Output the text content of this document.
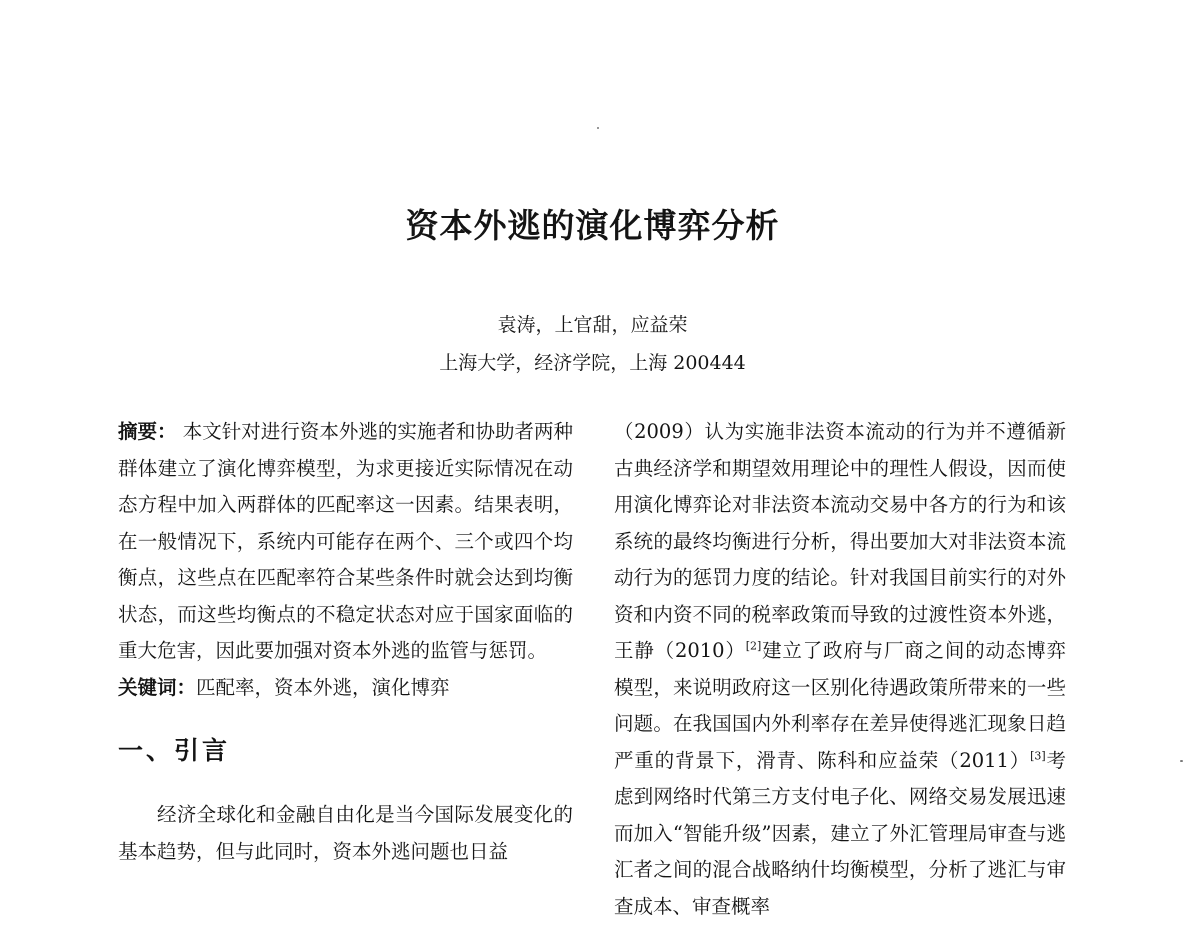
资本外逃的演化博弈分析
袁涛，上官甜，应益荣
上海大学，经济学院，上海 200444

摘要： 本文针对进行资本外逃的实施者和协助者两种群体建立了演化博弈模型，为求更接近实际情况在动态方程中加入两群体的匹配率这一因素。结果表明，在一般情况下，系统内可能存在两个、三个或四个均衡点，这些点在匹配率符合某些条件时就会达到均衡状态，而这些均衡点的不稳定状态对应于国家面临的重大危害，因此要加强对资本外逃的监管与惩罚。

关键词：匹配率，资本外逃，演化博弈

一、引言

经济全球化和金融自由化是当今国际发展变化的基本趋势，但与此同时，资本外逃问题也日益

（2009）认为实施非法资本流动的行为并不遵循新古典经济学和期望效用理论中的理性人假设，因而使用演化博弈论对非法资本流动交易中各方的行为和该系统的最终均衡进行分析，得出要加大对非法资本流动行为的惩罚力度的结论。针对我国目前实行的对外资和内资不同的税率政策而导致的过渡性资本外逃，王静（2010）[2]建立了政府与厂商之间的动态博弈模型，来说明政府这一区别化待遇政策所带来的一些问题。在我国国内外利率存在差异使得逃汇现象日趋严重的背景下，滑青、陈科和应益荣（2011）[3]考虑到网络时代第三方支付电子化、网络交易发展迅速而加入“智能升级”因素，建立了外汇管理局审查与逃汇者之间的混合战略纳什均衡模型，分析了逃汇与审查成本、审查概率
